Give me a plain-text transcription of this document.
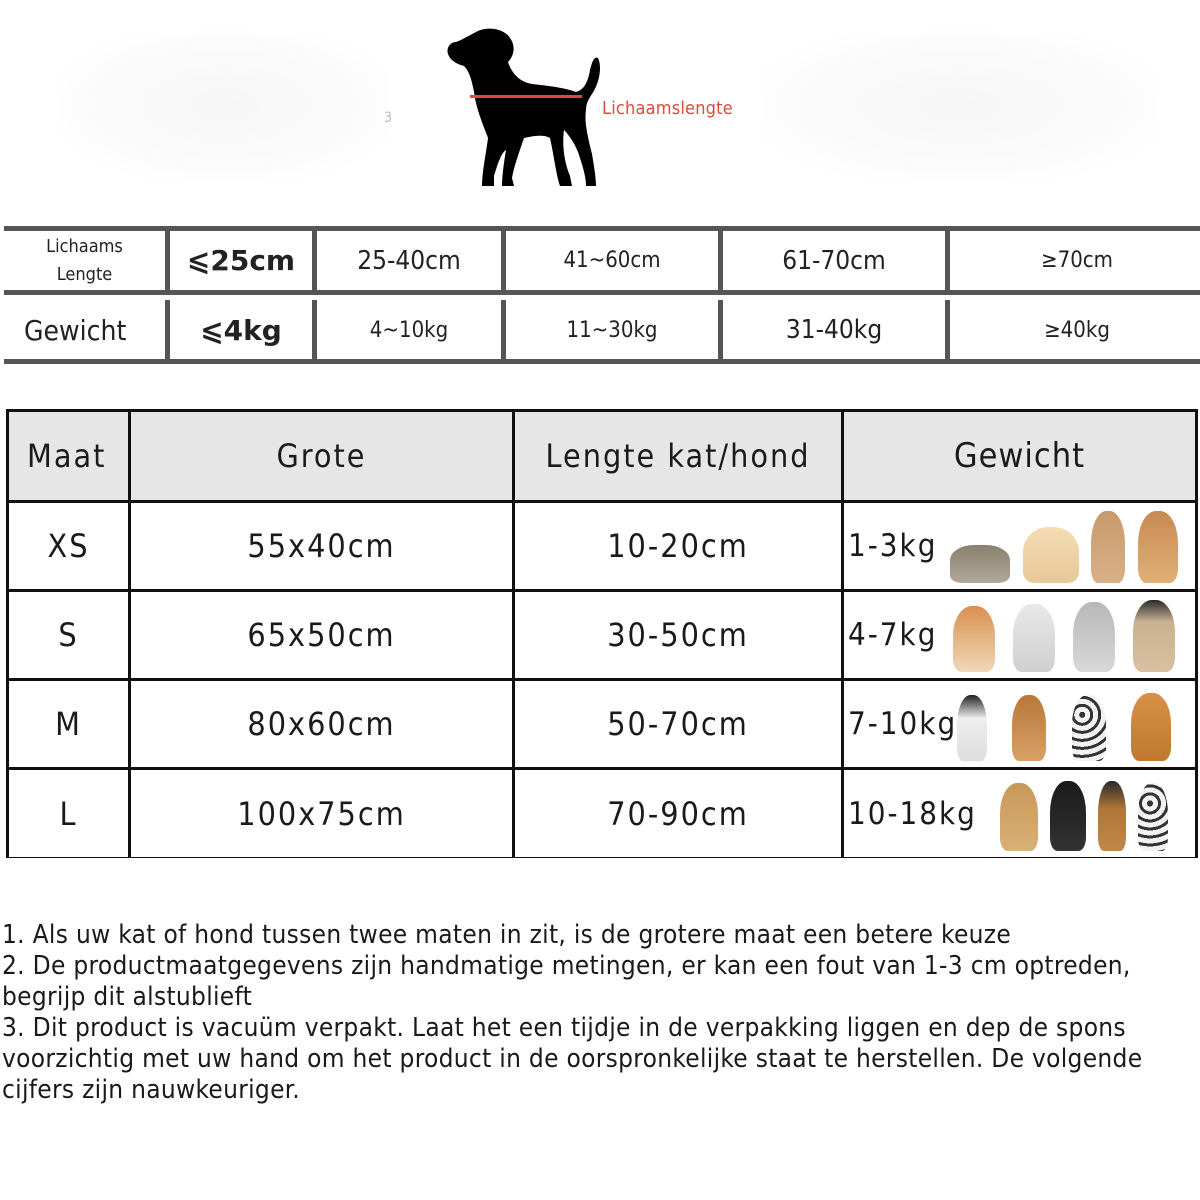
3	Lichaamslengte
Lichaams
Lengte	⩽25cm	25-40cm	41~60cm	61-70cm	≥70cm
Gewicht	⩽4kg	4~10kg	11~30kg	31-40kg	≥40kg
Maat	Grote	Lengte kat/hond	Gewicht
XS	55x40cm	10-20cm	1-3kg
S	65x50cm	30-50cm	4-7kg
M	80x60cm	50-70cm	7-10kg
L	100x75cm	70-90cm	10-18kg

1. Als uw kat of hond tussen twee maten in zit, is de grotere maat een betere keuze

2. De productmaatgegevens zijn handmatige metingen, er kan een fout van 1-3 cm optreden, begrijp dit alstublieft

3. Dit product is vacuüm verpakt. Laat het een tijdje in de verpakking liggen en dep de spons voorzichtig met uw hand om het product in de oorspronkelijke staat te herstellen. De volgende cijfers zijn nauwkeuriger.
